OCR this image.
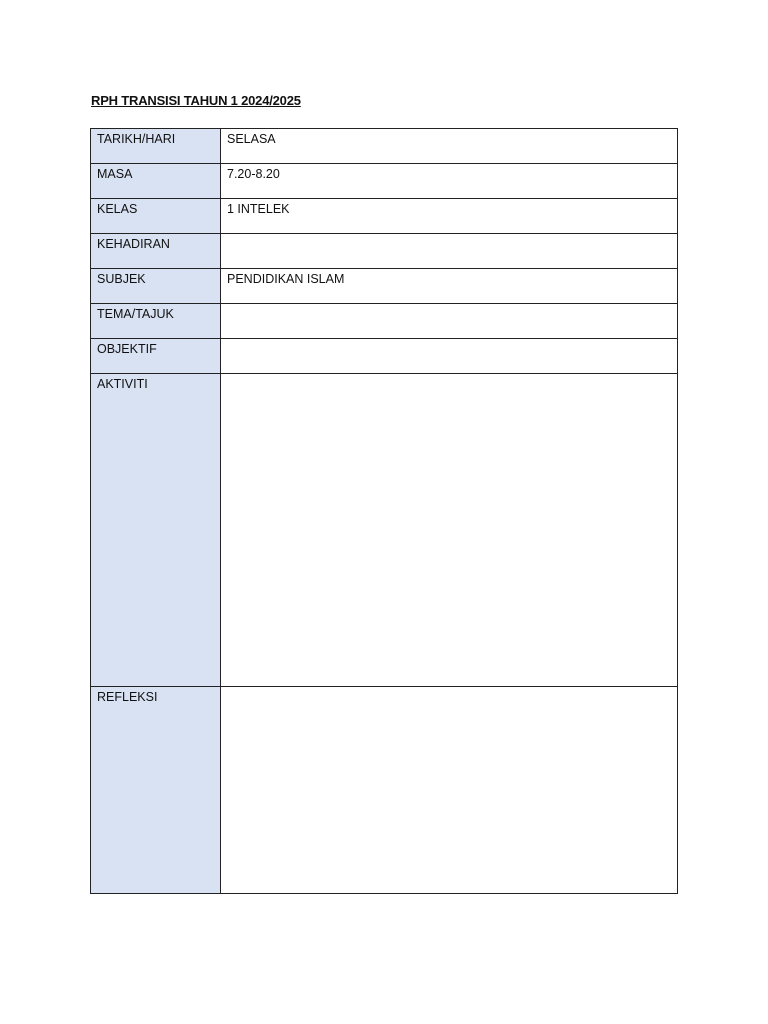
RPH TRANSISI TAHUN 1 2024/2025
TARIKH/HARI	SELASA
MASA	7.20-8.20
KELAS	1 INTELEK
KEHADIRAN	
SUBJEK	PENDIDIKAN ISLAM
TEMA/TAJUK	
OBJEKTIF	
AKTIVITI	
REFLEKSI	
